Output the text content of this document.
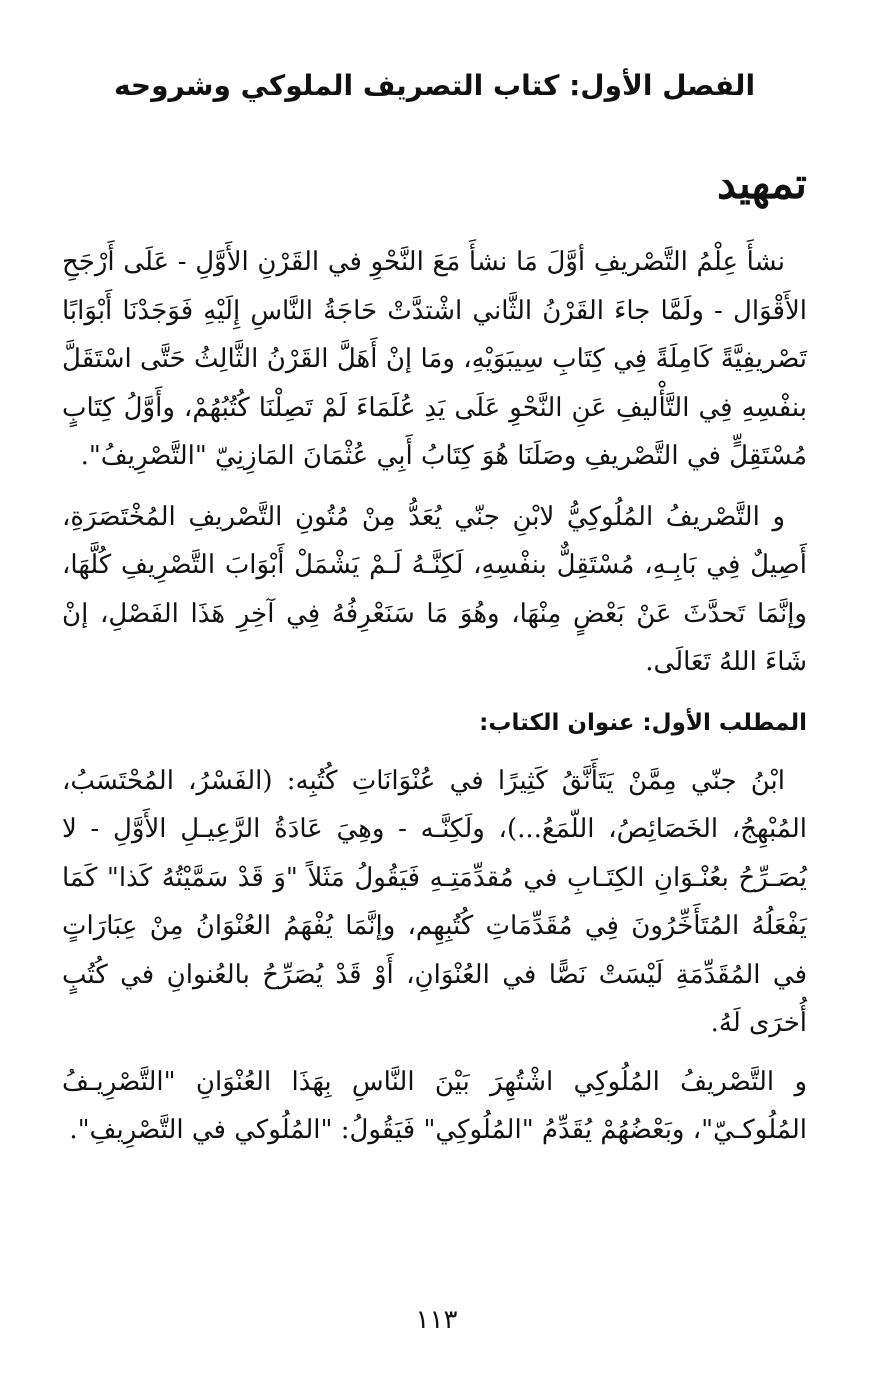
الفصل الأول: كتاب التصريف الملوكي وشروحه
تمهيد

نشأَ عِلْمُ التَّصْريفِ أوَّلَ مَا نشأَ مَعَ النَّحْوِ في القَرْنِ الأَوَّلِ - عَلَى أَرْجَحِ الأَقْوَال - ولَمَّا جاءَ القَرْنُ الثَّاني اشْتدَّتْ حَاجَةُ النَّاسِ إِلَيْهِ فَوَجَدْنَا أَبْوَابًا تَصْريفِيَّةً كَامِلَةً فِي كِتَابِ سِيبَوَيْهِ، ومَا إنْ أَهَلَّ القَرْنُ الثَّالِثُ حَتَّى اسْتَقَلَّ بنفْسِهِ فِي التَّأْليفِ عَنِ النَّحْوِ عَلَى يَدِ عُلَمَاءَ لَمْ تَصِلْنَا كُتُبُهُمْ، وأَوَّلُ كِتَابٍ مُسْتَقِلٍّ في التَّصْريفِ وصَلَنَا هُوَ كِتَابُ أَبِي عُثْمَانَ المَازِنِيّ "التَّصْرِيفُ".

و التَّصْريفُ المُلُوكِيُّ لابْنِ جنّي يُعَدُّ مِنْ مُتُونِ التَّصْريفِ المُخْتَصَرَةِ، أَصِيلٌ فِي بَابِـهِ، مُسْتَقِلٌّ بنفْسِهِ، لَكِنَّـهُ لَـمْ يَشْمَلْ أَبْوَابَ التَّصْرِيفِ كُلَّهَا، وإنَّمَا تَحدَّثَ عَنْ بَعْضٍ مِنْهَا، وهُوَ مَا سَنَعْرِفُهُ فِي آخِرِ هَذَا الفَصْلِ، إنْ شَاءَ اللهُ تَعَالَى.

المطلب الأول: عنوان الكتاب:

ابْنُ جنّي مِمَّنْ يَتَأَنَّقُ كَثِيرًا في عُنْوَانَاتِ كُتُبِه: (الفَسْرُ، المُحْتَسَبُ، المُبْهِجُ، الخَصَائِصُ، اللّمَعُ...)، ولَكِنَّـه - وهِيَ عَادَةُ الرَّعِيـلِ الأَوَّلِ - لا يُصَـرِّحُ بعُنْـوَانِ الكِتَـابِ في مُقدِّمَتِـهِ فَيَقُولُ مَثَلاً "وَ قَدْ سَمَّيْتُهُ كَذا" كَمَا يَفْعَلُهُ المُتَأَخِّرُونَ فِي مُقَدِّمَاتِ كُتُبِهِم، وإنَّمَا يُفْهَمُ العُنْوَانُ مِنْ عِبَارَاتٍ في المُقَدِّمَةِ لَيْسَتْ نَصًّا في العُنْوَانِ، أَوْ قَدْ يُصَرِّحُ بالعُنوانِ في كُتُبٍ أُخرَى لَهُ.

و التَّصْريفُ المُلُوكِي اشْتُهِرَ بَيْنَ النَّاسِ بِهَذَا العُنْوَانِ "التَّصْرِيـفُ المُلُوكـيّ"، وبَعْضُهُمْ يُقَدِّمُ "المُلُوكِي" فَيَقُولُ: "المُلُوكي في التَّصْرِيفِ".

١١٣
